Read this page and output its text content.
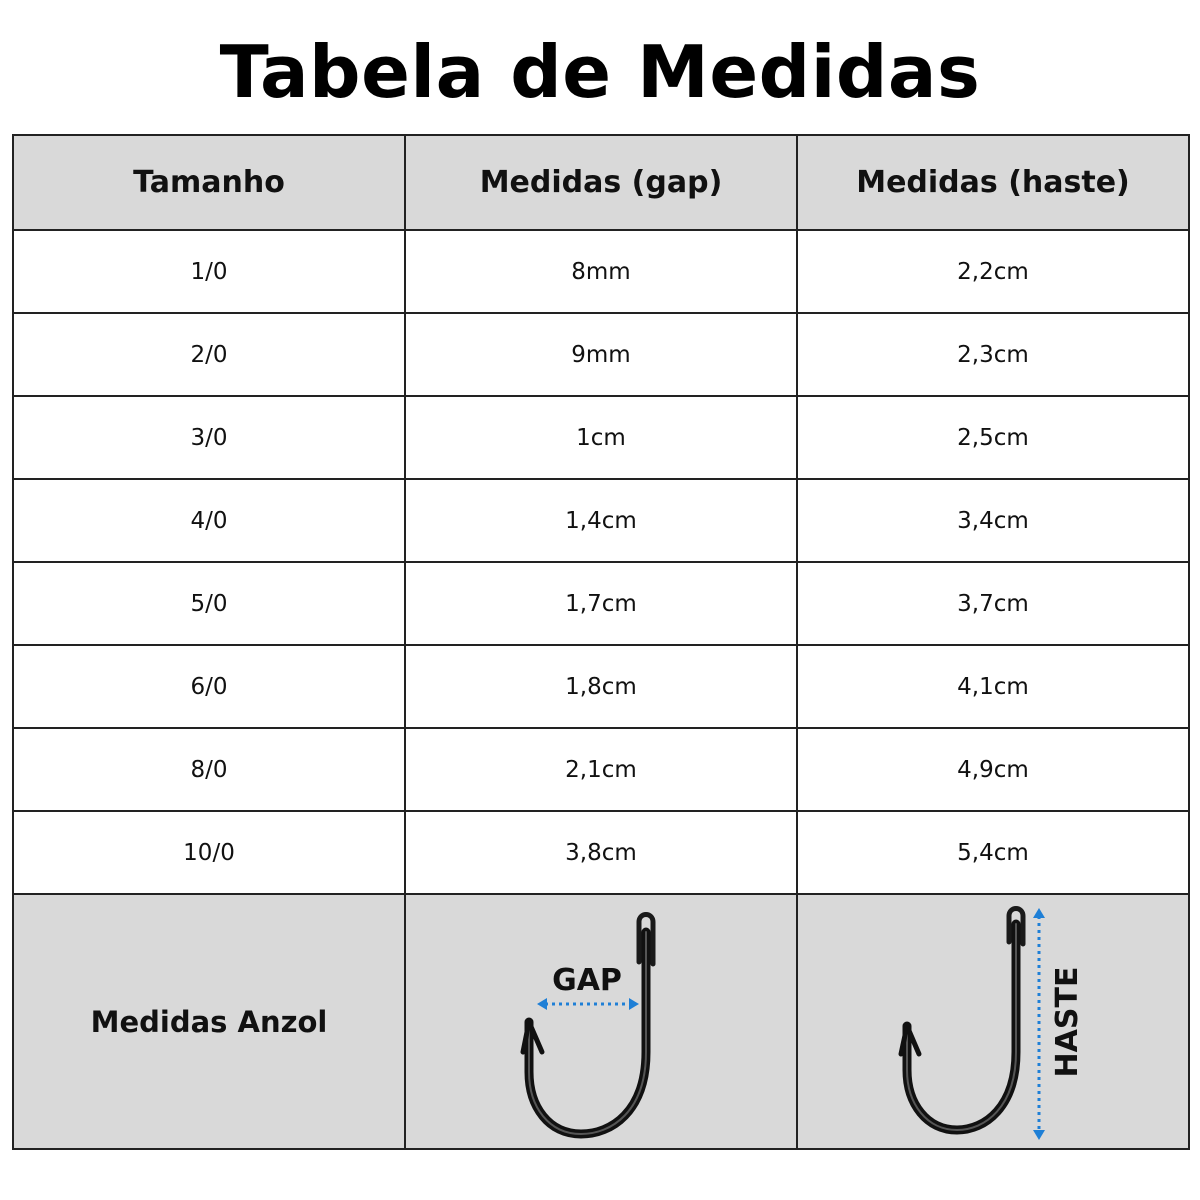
Tabela de Medidas
Tamanho	Medidas (gap)	Medidas (haste)
1/0	8mm	2,2cm
2/0	9mm	2,3cm
3/0	1cm	2,5cm
4/0	1,4cm	3,4cm
5/0	1,7cm	3,7cm
6/0	1,8cm	4,1cm
8/0	2,1cm	4,9cm
10/0	3,8cm	5,4cm
Medidas Anzol	GAP	HASTE
